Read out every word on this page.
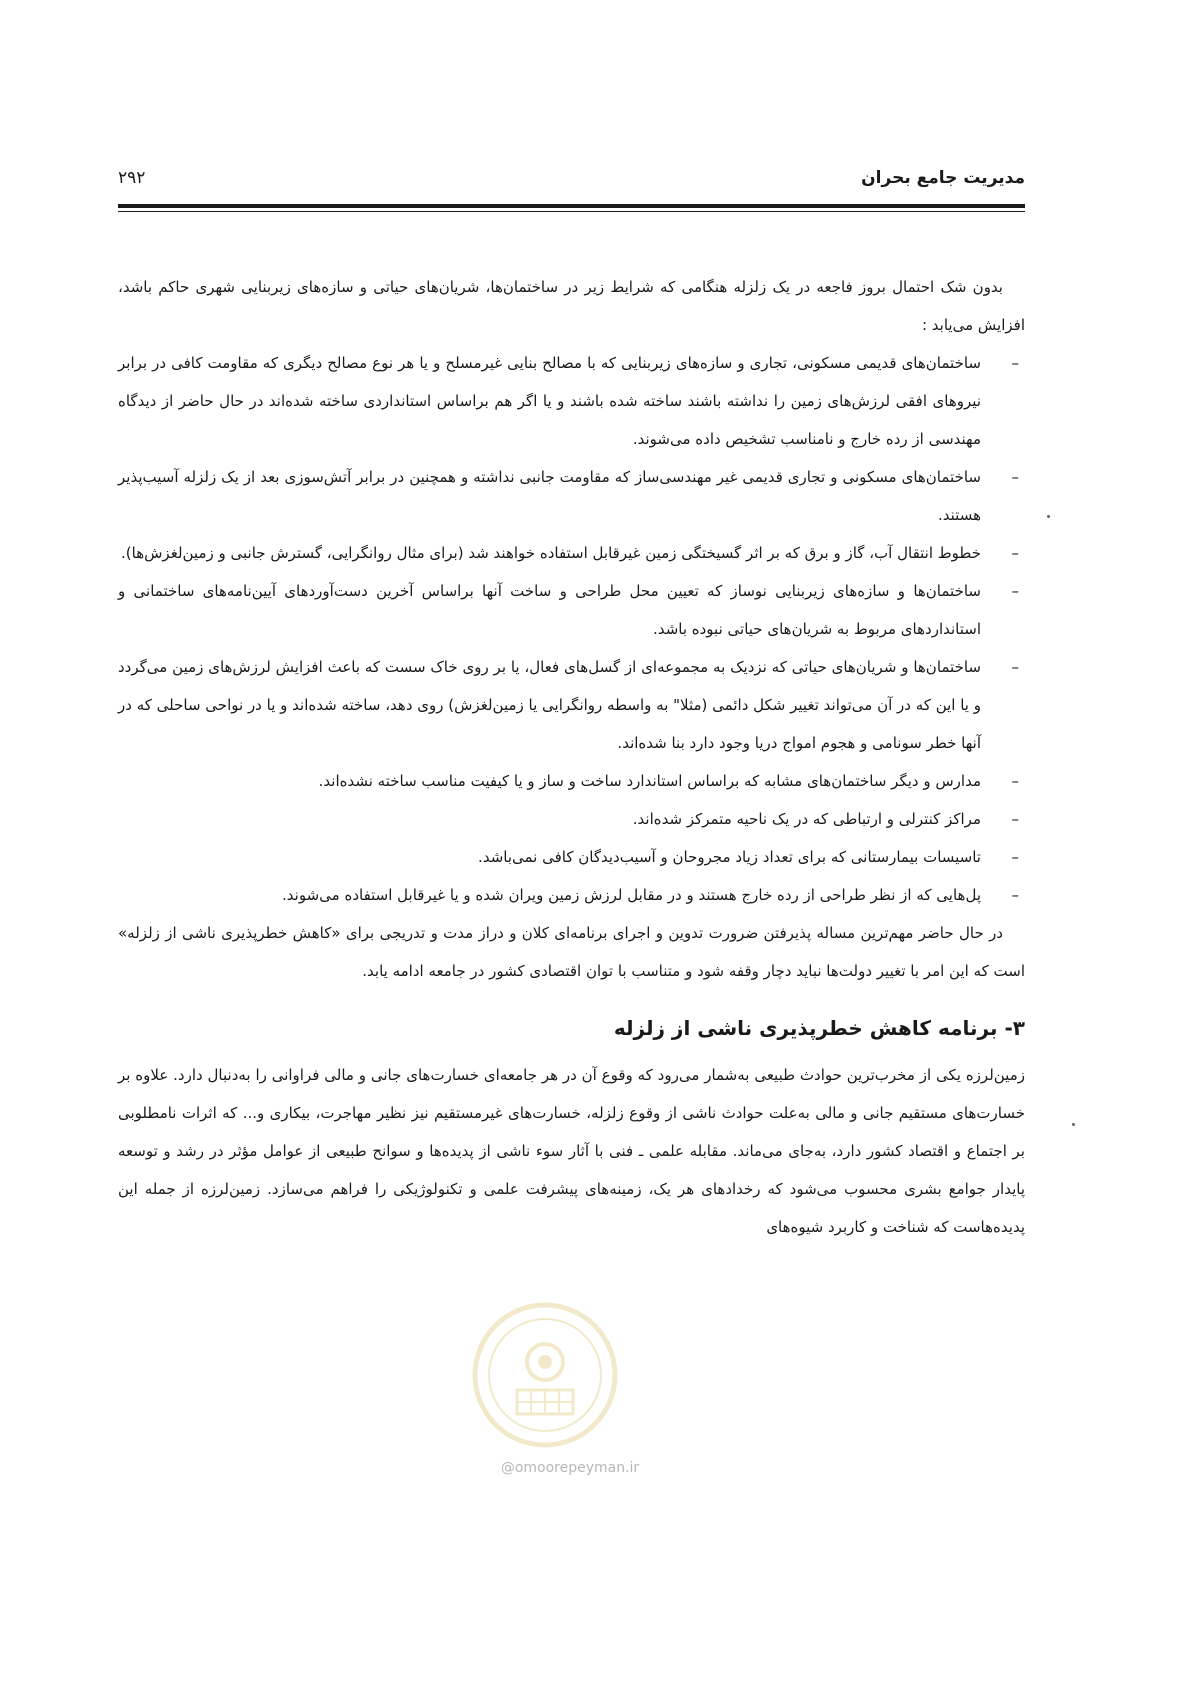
مدیریت جامع بحران
۲۹۲

بدون شک احتمال بروز فاجعه در یک زلزله هنگامی که شرایط زیر در ساختمان‌ها، شریان‌های حیاتی و سازه‌های زیربنایی شهری حاکم باشد، افزایش می‌یابد :

– ساختمان‌های قدیمی مسکونی، تجاری و سازه‌های زیربنایی که با مصالح بنایی غیرمسلح و یا هر نوع مصالح دیگری که مقاومت کافی در برابر نیروهای افقی لرزش‌های زمین را نداشته باشند ساخته شده باشند و یا اگر هم براساس استانداردی ساخته شده‌اند در حال حاضر از دیدگاه مهندسی از رده خارج و نامناسب تشخیص داده می‌شوند.
– ساختمان‌های مسکونی و تجاری قدیمی غیر مهندسی‌ساز که مقاومت جانبی نداشته و همچنین در برابر آتش‌سوزی بعد از یک زلزله آسیب‌پذیر هستند.
– خطوط انتقال آب، گاز و برق که بر اثر گسیختگی زمین غیرقابل استفاده خواهند شد (برای مثال روانگرایی، گسترش جانبی و زمین‌لغزش‌ها).
– ساختمان‌ها و سازه‌های زیربنایی نوساز که تعیین محل طراحی و ساخت آنها براساس آخرین دست‌آوردهای آیین‌نامه‌های ساختمانی و استانداردهای مربوط به شریان‌های حیاتی نبوده باشد.
– ساختمان‌ها و شریان‌های حیاتی که نزدیک به مجموعه‌ای از گسل‌های فعال، یا بر روی خاک سست که باعث افزایش لرزش‌های زمین می‌گردد و یا این که در آن می‌تواند تغییر شکل دائمی (مثلا" به واسطه روانگرایی یا زمین‌لغزش) روی دهد، ساخته شده‌اند و یا در نواحی ساحلی که در آنها خطر سونامی و هجوم امواج دریا وجود دارد بنا شده‌اند.
– مدارس و دیگر ساختمان‌های مشابه که براساس استاندارد ساخت و ساز و یا کیفیت مناسب ساخته نشده‌اند.
– مراکز کنترلی و ارتباطی که در یک ناحیه متمرکز شده‌اند.
– تاسیسات بیمارستانی که برای تعداد زیاد مجروحان و آسیب‌دیدگان کافی نمی‌باشد.
– پل‌هایی که از نظر طراحی از رده خارج هستند و در مقابل لرزش زمین ویران شده و یا غیرقابل استفاده می‌شوند.

در حال حاضر مهم‌ترین مساله پذیرفتن ضرورت تدوین و اجرای برنامه‌ای کلان و دراز مدت و تدریجی برای «کاهش خطرپذیری ناشی از زلزله» است که این امر با تغییر دولت‌ها نباید دچار وقفه شود و متناسب با توان اقتصادی کشور در جامعه ادامه یابد.

۳- برنامه کاهش خطرپذیری ناشی از زلزله

زمین‌لرزه یکی از مخرب‌ترین حوادث طبیعی به‌شمار می‌رود که وقوع آن در هر جامعه‌ای خسارت‌های جانی و مالی فراوانی را به‌دنبال دارد. علاوه بر خسارت‌های مستقیم جانی و مالی به‌علت حوادث ناشی از وقوع زلزله، خسارت‌های غیرمستقیم نیز نظیر مهاجرت، بیکاری و... که اثرات نامطلوبی بر اجتماع و اقتصاد کشور دارد، به‌جای می‌ماند. مقابله علمی ـ فنی با آثار سوء ناشی از پدیده‌ها و سوانح طبیعی از عوامل مؤثر در رشد و توسعه پایدار جوامع بشری محسوب می‌شود که رخدادهای هر یک، زمینه‌های پیشرفت علمی و تکنولوژیکی را فراهم می‌سازد. زمین‌لرزه از جمله این پدیده‌هاست که شناخت و کاربرد شیوه‌های

@omoorepeyman.ir
